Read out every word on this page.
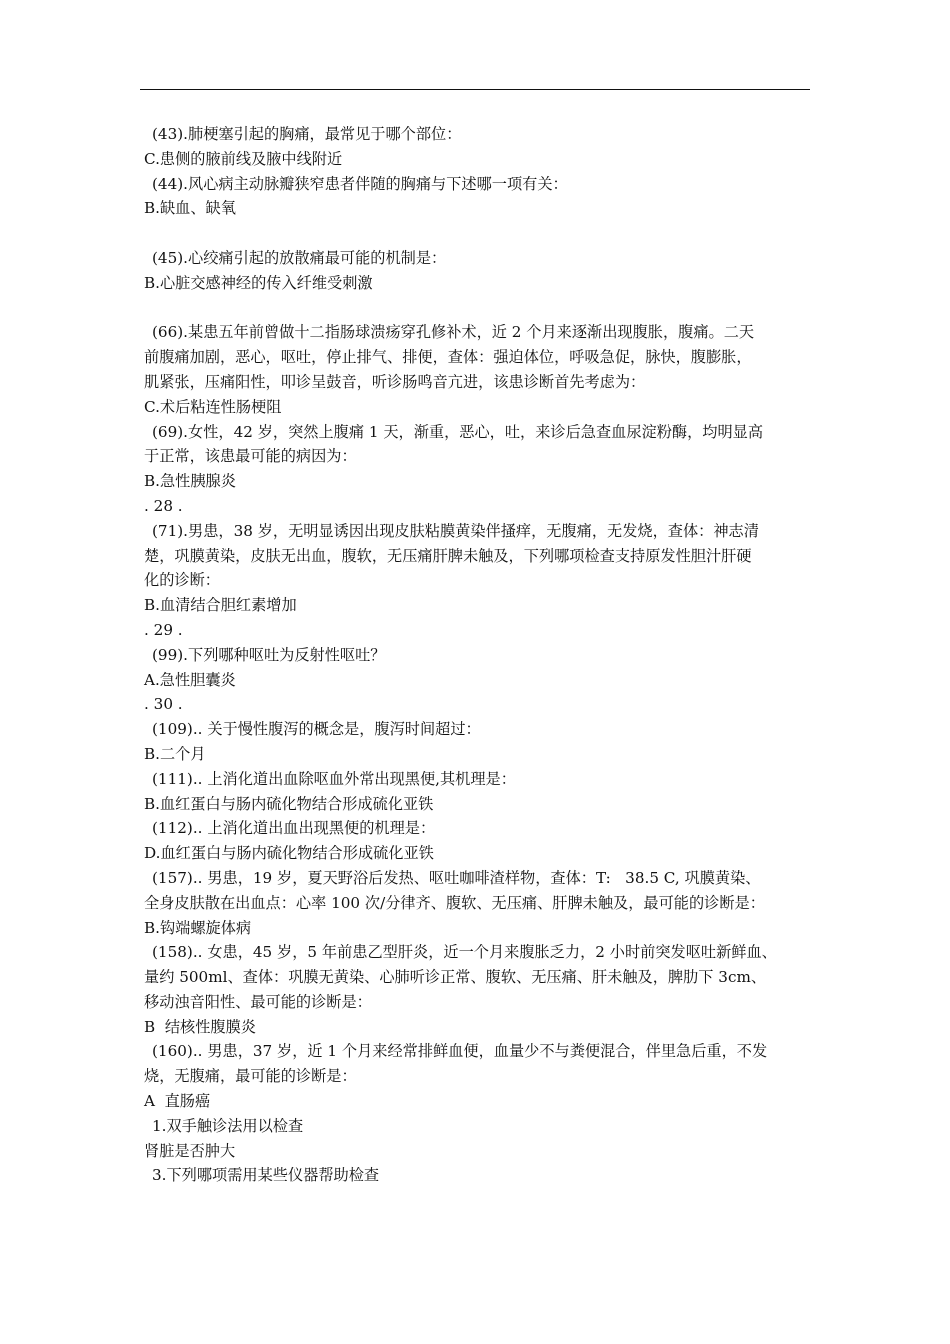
(43).肺梗塞引起的胸痛，最常见于哪个部位：
C.患侧的腋前线及腋中线附近
(44).风心病主动脉瓣狭窄患者伴随的胸痛与下述哪一项有关：
B.缺血、缺氧
(45).心绞痛引起的放散痛最可能的机制是：
B.心脏交感神经的传入纤维受刺激
(66).某患五年前曾做十二指肠球溃疡穿孔修补术，近 2 个月来逐渐出现腹胀，腹痛。二天
前腹痛加剧，恶心，呕吐，停止排气、排便，查体：强迫体位，呼吸急促，脉快，腹膨胀，
肌紧张，压痛阳性，叩诊呈鼓音，听诊肠鸣音亢进，该患诊断首先考虑为：
C.术后粘连性肠梗阻
(69).女性，42 岁，突然上腹痛 1 天，渐重，恶心，吐，来诊后急查血尿淀粉酶，均明显高
于正常，该患最可能的病因为：
B.急性胰腺炎
. 28 .
(71).男患，38 岁，无明显诱因出现皮肤粘膜黄染伴搔痒，无腹痛，无发烧，查体：神志清
楚，巩膜黄染，皮肤无出血，腹软，无压痛肝脾未触及，下列哪项检查支持原发性胆汁肝硬
化的诊断：
B.血清结合胆红素增加
. 29 .
(99).下列哪种呕吐为反射性呕吐？
A.急性胆囊炎
. 30 .
(109).. 关于慢性腹泻的概念是，腹泻时间超过：
B.二个月
(111).. 上消化道出血除呕血外常出现黑便,其机理是：
B.血红蛋白与肠内硫化物结合形成硫化亚铁
(112).. 上消化道出血出现黑便的机理是：
D.血红蛋白与肠内硫化物结合形成硫化亚铁
(157).. 男患，19 岁，夏天野浴后发热、呕吐咖啡渣样物，查体：T:   38.5 C, 巩膜黄染、
全身皮肤散在出血点：心率 100 次/分律齐、腹软、无压痛、肝脾未触及，最可能的诊断是：
B.钩端螺旋体病
(158).. 女患，45 岁，5 年前患乙型肝炎，近一个月来腹胀乏力，2 小时前突发呕吐新鲜血、
量约 500ml、查体：巩膜无黄染、心肺听诊正常、腹软、无压痛、肝未触及，脾肋下 3cm、
移动浊音阳性、最可能的诊断是：
B  结核性腹膜炎
(160).. 男患，37 岁，近 1 个月来经常排鲜血便，血量少不与粪便混合，伴里急后重，不发
烧，无腹痛，最可能的诊断是：
A  直肠癌
1.双手触诊法用以检查
肾脏是否肿大
3.下列哪项需用某些仪器帮助检查
